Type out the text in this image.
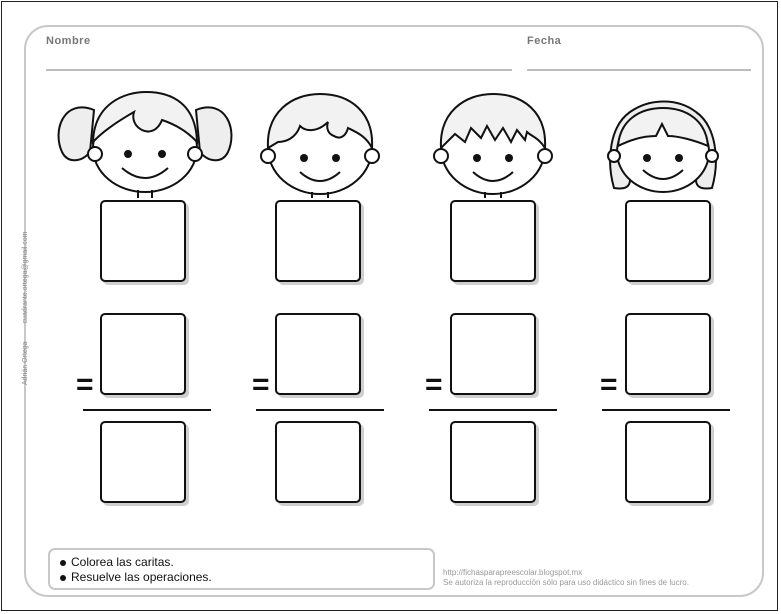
Nombre	Fecha
Adrián Ortega cuadrante.ortega@gmail.com
=	=	=	=
Colorea las caritas.
Resuelve las operaciones.	http://fichasparapreescolar.blogspot.mx
Se autoriza la reproducción sólo para uso didáctico sin fines de lucro.
